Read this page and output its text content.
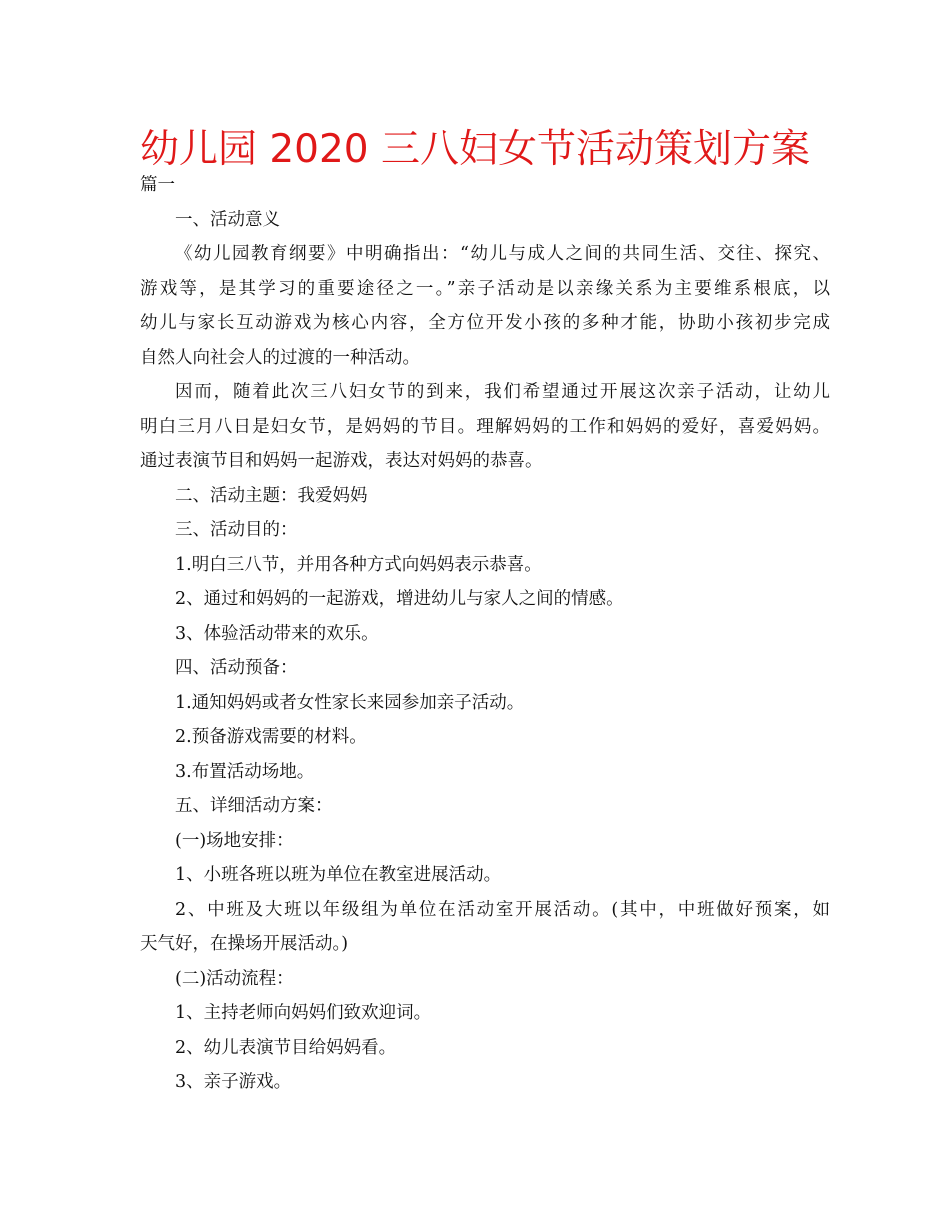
幼儿园 2020 三八妇女节活动策划方案

篇一

一、活动意义

《幼儿园教育纲要》中明确指出：“幼儿与成人之间的共同生活、交往、探究、
游戏等，是其学习的重要途径之一。”亲子活动是以亲缘关系为主要维系根底，以
幼儿与家长互动游戏为核心内容，全方位开发小孩的多种才能，协助小孩初步完成
自然人向社会人的过渡的一种活动。
因而，随着此次三八妇女节的到来，我们希望通过开展这次亲子活动，让幼儿
明白三月八日是妇女节，是妈妈的节目。理解妈妈的工作和妈妈的爱好，喜爱妈妈。
通过表演节目和妈妈一起游戏，表达对妈妈的恭喜。

二、活动主题：我爱妈妈

三、活动目的：

1.明白三八节，并用各种方式向妈妈表示恭喜。

2、通过和妈妈的一起游戏，增进幼儿与家人之间的情感。

3、体验活动带来的欢乐。

四、活动预备：

1.通知妈妈或者女性家长来园参加亲子活动。

2.预备游戏需要的材料。

3.布置活动场地。

五、详细活动方案：

(一)场地安排：

1、小班各班以班为单位在教室进展活动。

2、中班及大班以年级组为单位在活动室开展活动。(其中，中班做好预案，如
天气好，在操场开展活动。)

(二)活动流程：

1、主持老师向妈妈们致欢迎词。

2、幼儿表演节目给妈妈看。

3、亲子游戏。
